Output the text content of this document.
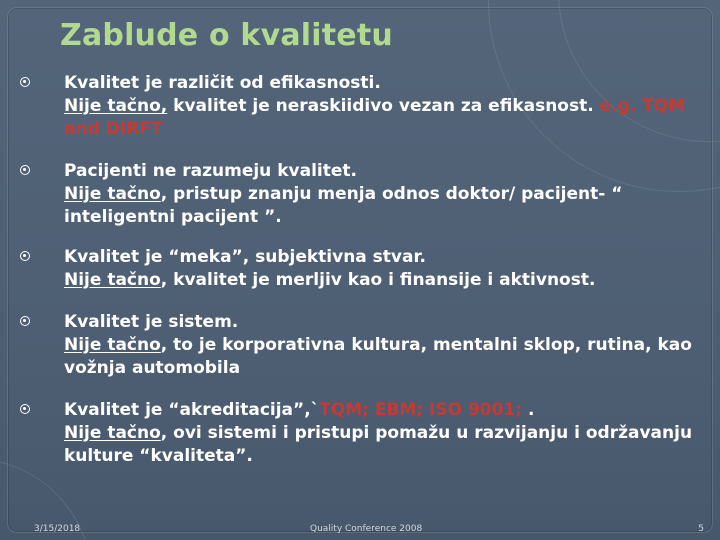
Zablude o kvalitetu
Kvalitet je različit od efikasnosti.
Nije tačno, kvalitet je neraskiidivo vezan za efikasnost. e.g. TQM and DIRFT
Pacijenti ne razumeju kvalitet.
Nije tačno, pristup znanju menja odnos doktor/ pacijent- “ inteligentni pacijent ”.
Kvalitet je “meka”, subjektivna stvar.
Nije tačno, kvalitet je merljiv kao i finansije i aktivnost.
Kvalitet je sistem.
Nije tačno, to je korporativna kultura, mentalni sklop, rutina, kao vožnja automobila
Kvalitet je “akreditacija”,`TQM; EBM; ISO 9001; .
Nije tačno, ovi sistemi i pristupi pomažu u razvijanju i održavanju kulture “kvaliteta”.
3/15/2018	Quality Conference 2008	5
